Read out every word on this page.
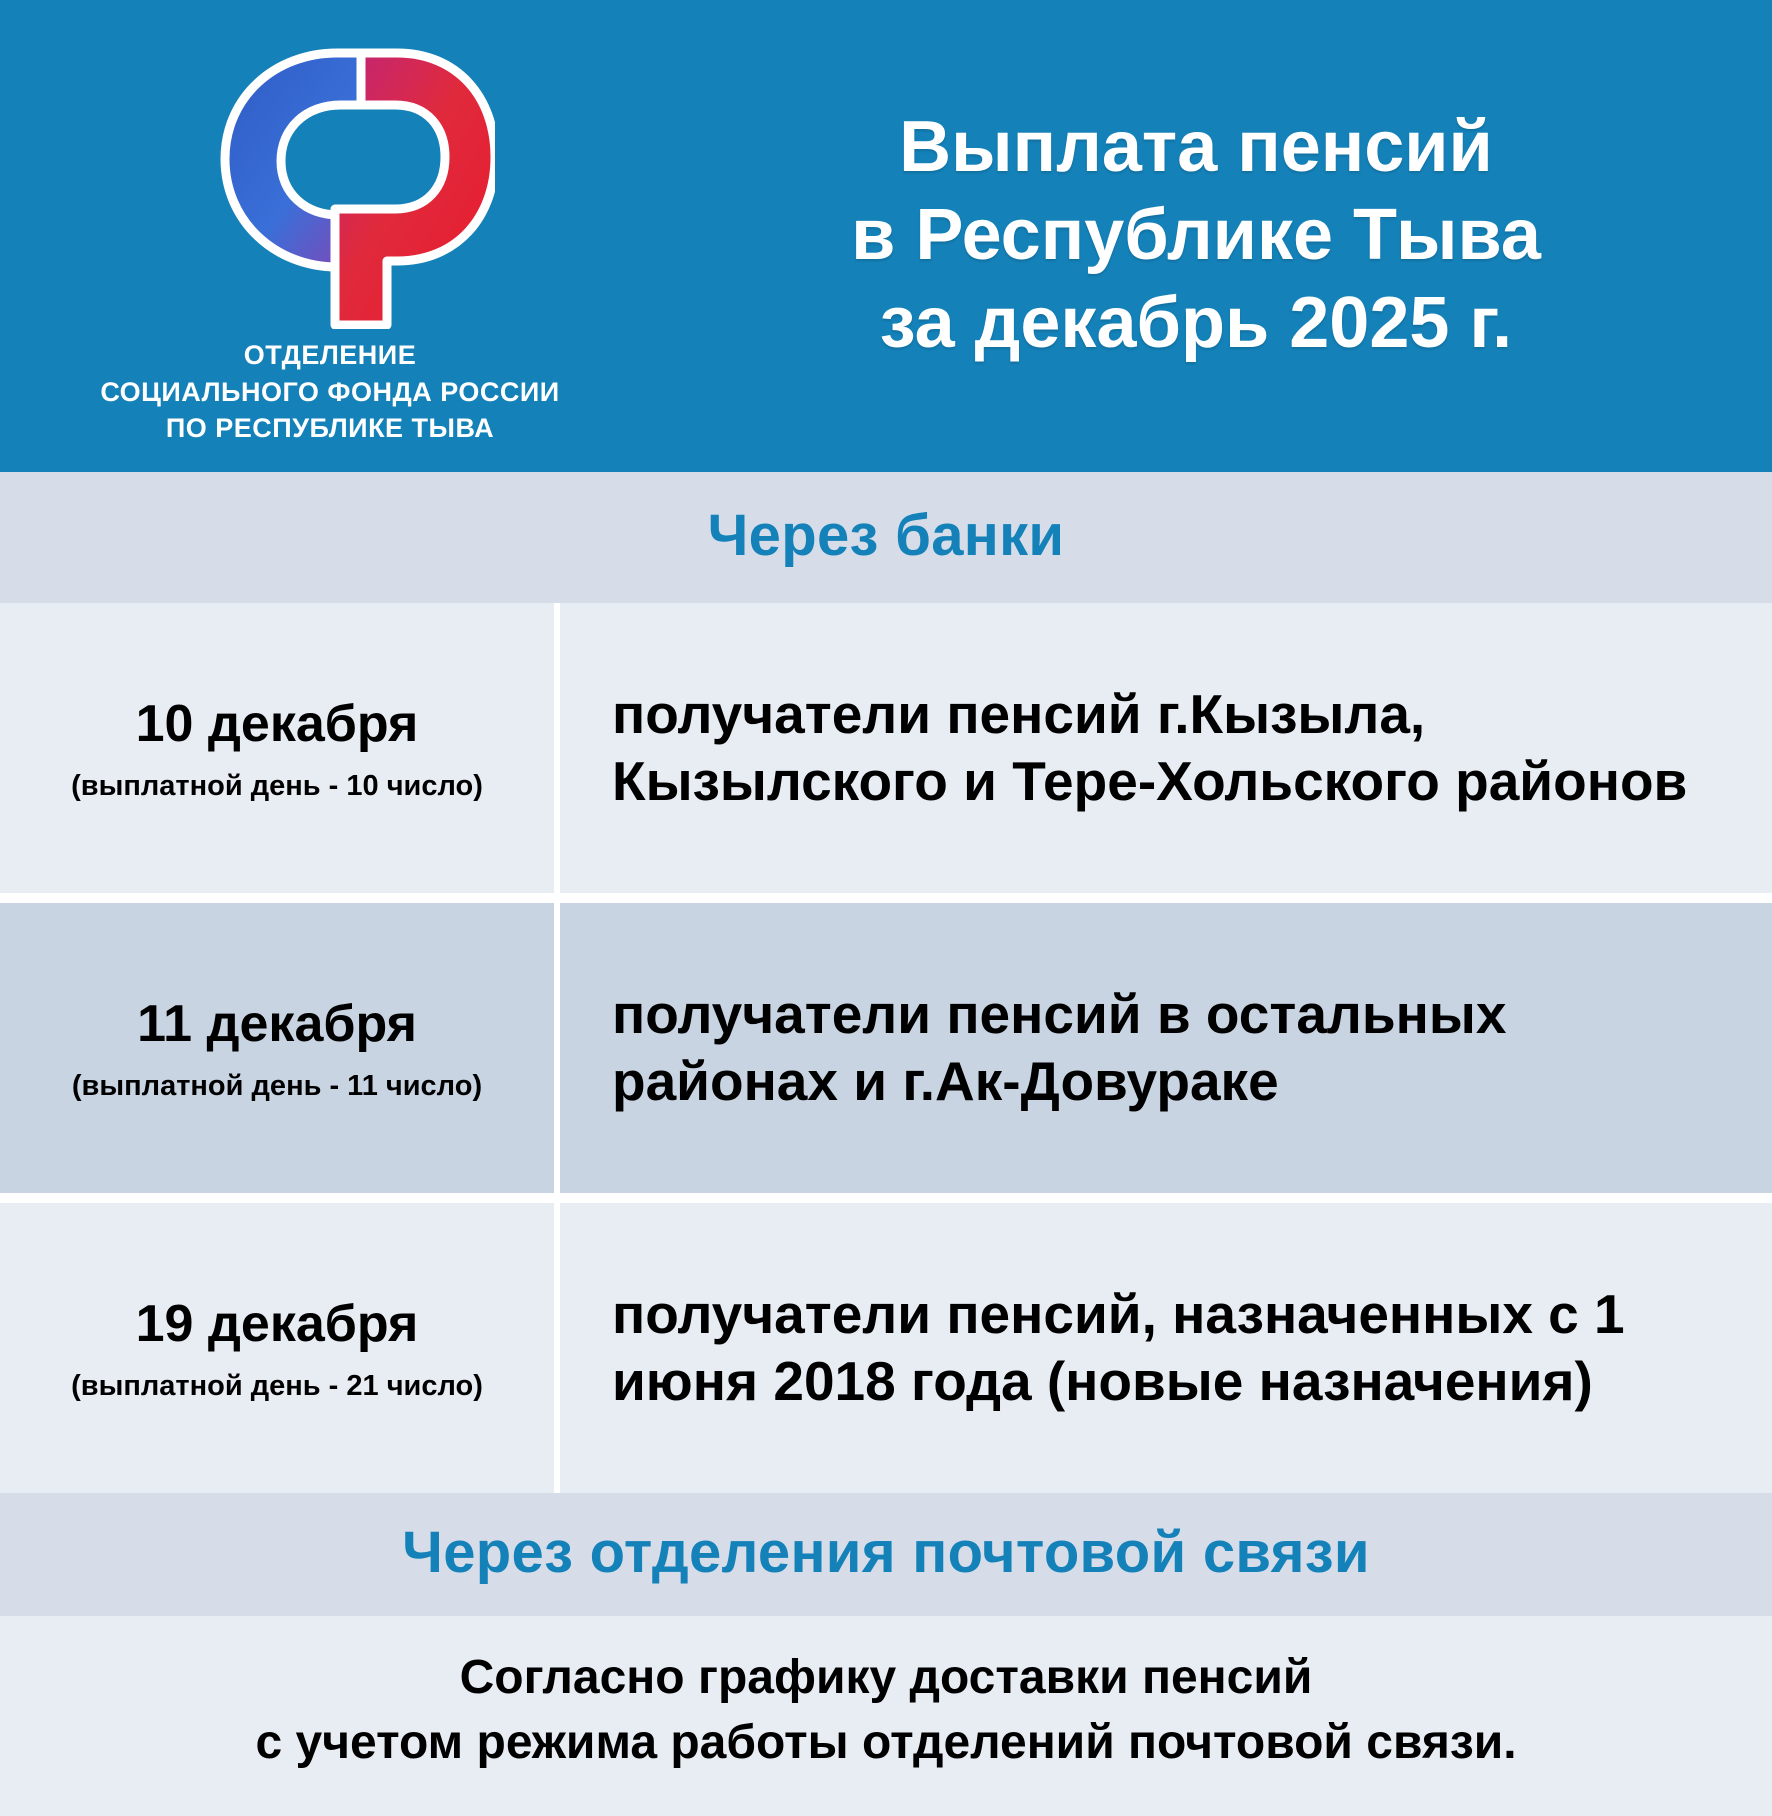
ОТДЕЛЕНИЕ
СОЦИАЛЬНОГО ФОНДА РОССИИ
ПО РЕСПУБЛИКЕ ТЫВА
Выплата пенсий
в Республике Тыва
за декабрь 2025 г.
Через банки
10 декабря
(выплатной день - 10 число)
получатели пенсий г.Кызыла, Кызылского и Тере-Хольского районов
11 декабря
(выплатной день - 11 число)
получатели пенсий в остальных районах и г.Ак-Довураке
19 декабря
(выплатной день - 21 число)
получатели пенсий, назначенных с 1 июня 2018 года (новые назначения)
Через отделения почтовой связи
Согласно графику доставки пенсий
с учетом режима работы отделений почтовой связи.
